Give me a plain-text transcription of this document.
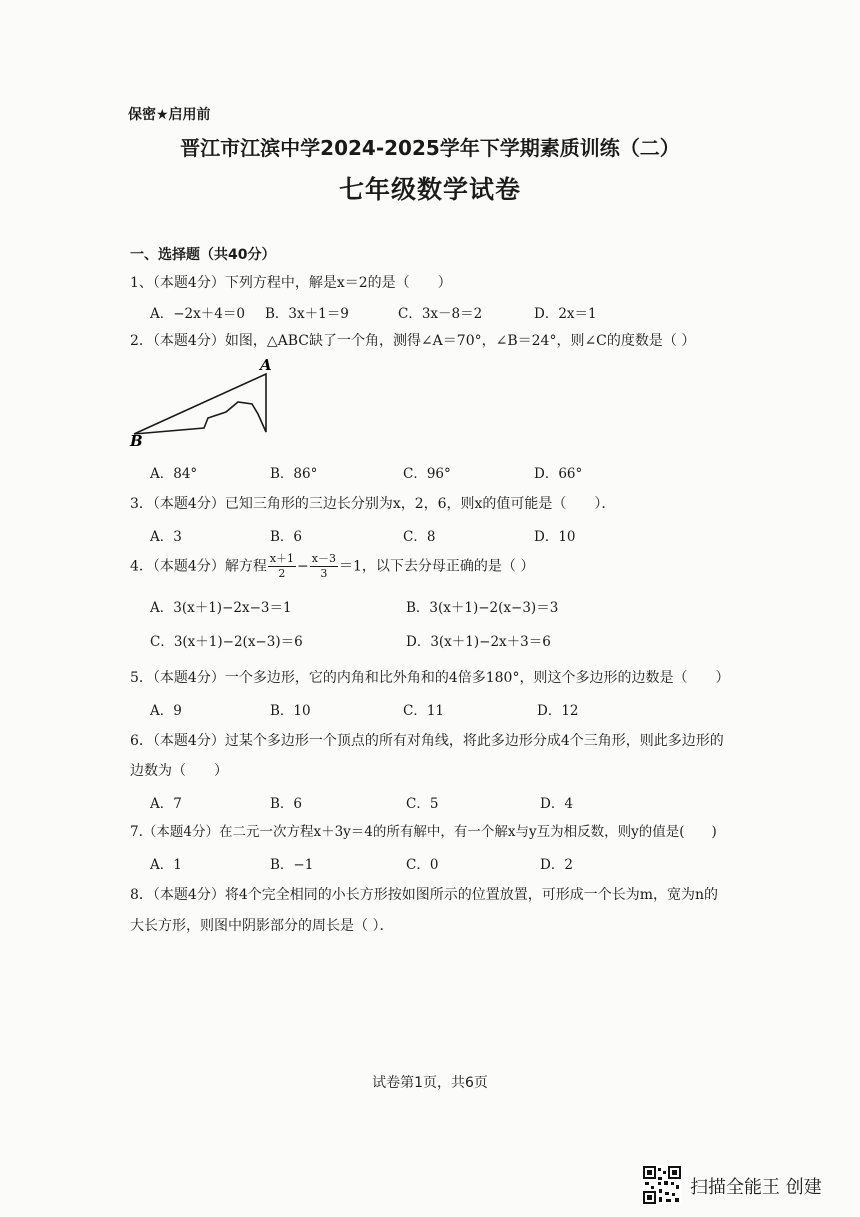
保密★启用前
晋江市江滨中学2024-2025学年下学期素质训练（二）
七年级数学试卷
一、选择题（共40分）
1、（本题4分）下列方程中，解是x＝2的是（　　）
A．−2x＋4＝0 B．3x＋1＝9	C．3x－8＝2	D．2x＝1
2．（本题4分）如图，△ABC缺了一个角，测得∠A＝70°，∠B＝24°，则∠C的度数是（ ）
A
B
A．84°	B．86°	C．96°	D．66°
3．（本题4分）已知三角形的三边长分别为x，2，6，则x的值可能是（　　）．
A．3	B．6	C．8	D．10
4．（本题4分）解方程 $\frac{x+1}{2} - \frac{x-3}{3} =1$，以下去分母正确的是（ ）
A．3(x＋1)−2x−3＝1	B．3(x＋1)−2(x−3)＝3
C．3(x＋1)−2(x−3)＝6	D．3(x＋1)−2x＋3＝6
5．（本题4分）一个多边形，它的内角和比外角和的4倍多180°，则这个多边形的边数是（　　）
A．9	B．10	C．11	D．12
6．（本题4分）过某个多边形一个顶点的所有对角线，将此多边形分成4个三角形，则此多边形的
边数为（　　）
A．7	B．6	C．5	D．4
7.（本题4分）在二元一次方程x＋3y＝4的所有解中，有一个解x与y互为相反数，则y的值是(　　)
A．1	B．−1	C．0	D．2
8．（本题4分）将4个完全相同的小长方形按如图所示的位置放置，可形成一个长为m，宽为n的
大长方形，则图中阴影部分的周长是（ ）．
试卷第1页，共6页
扫描全能王 创建
